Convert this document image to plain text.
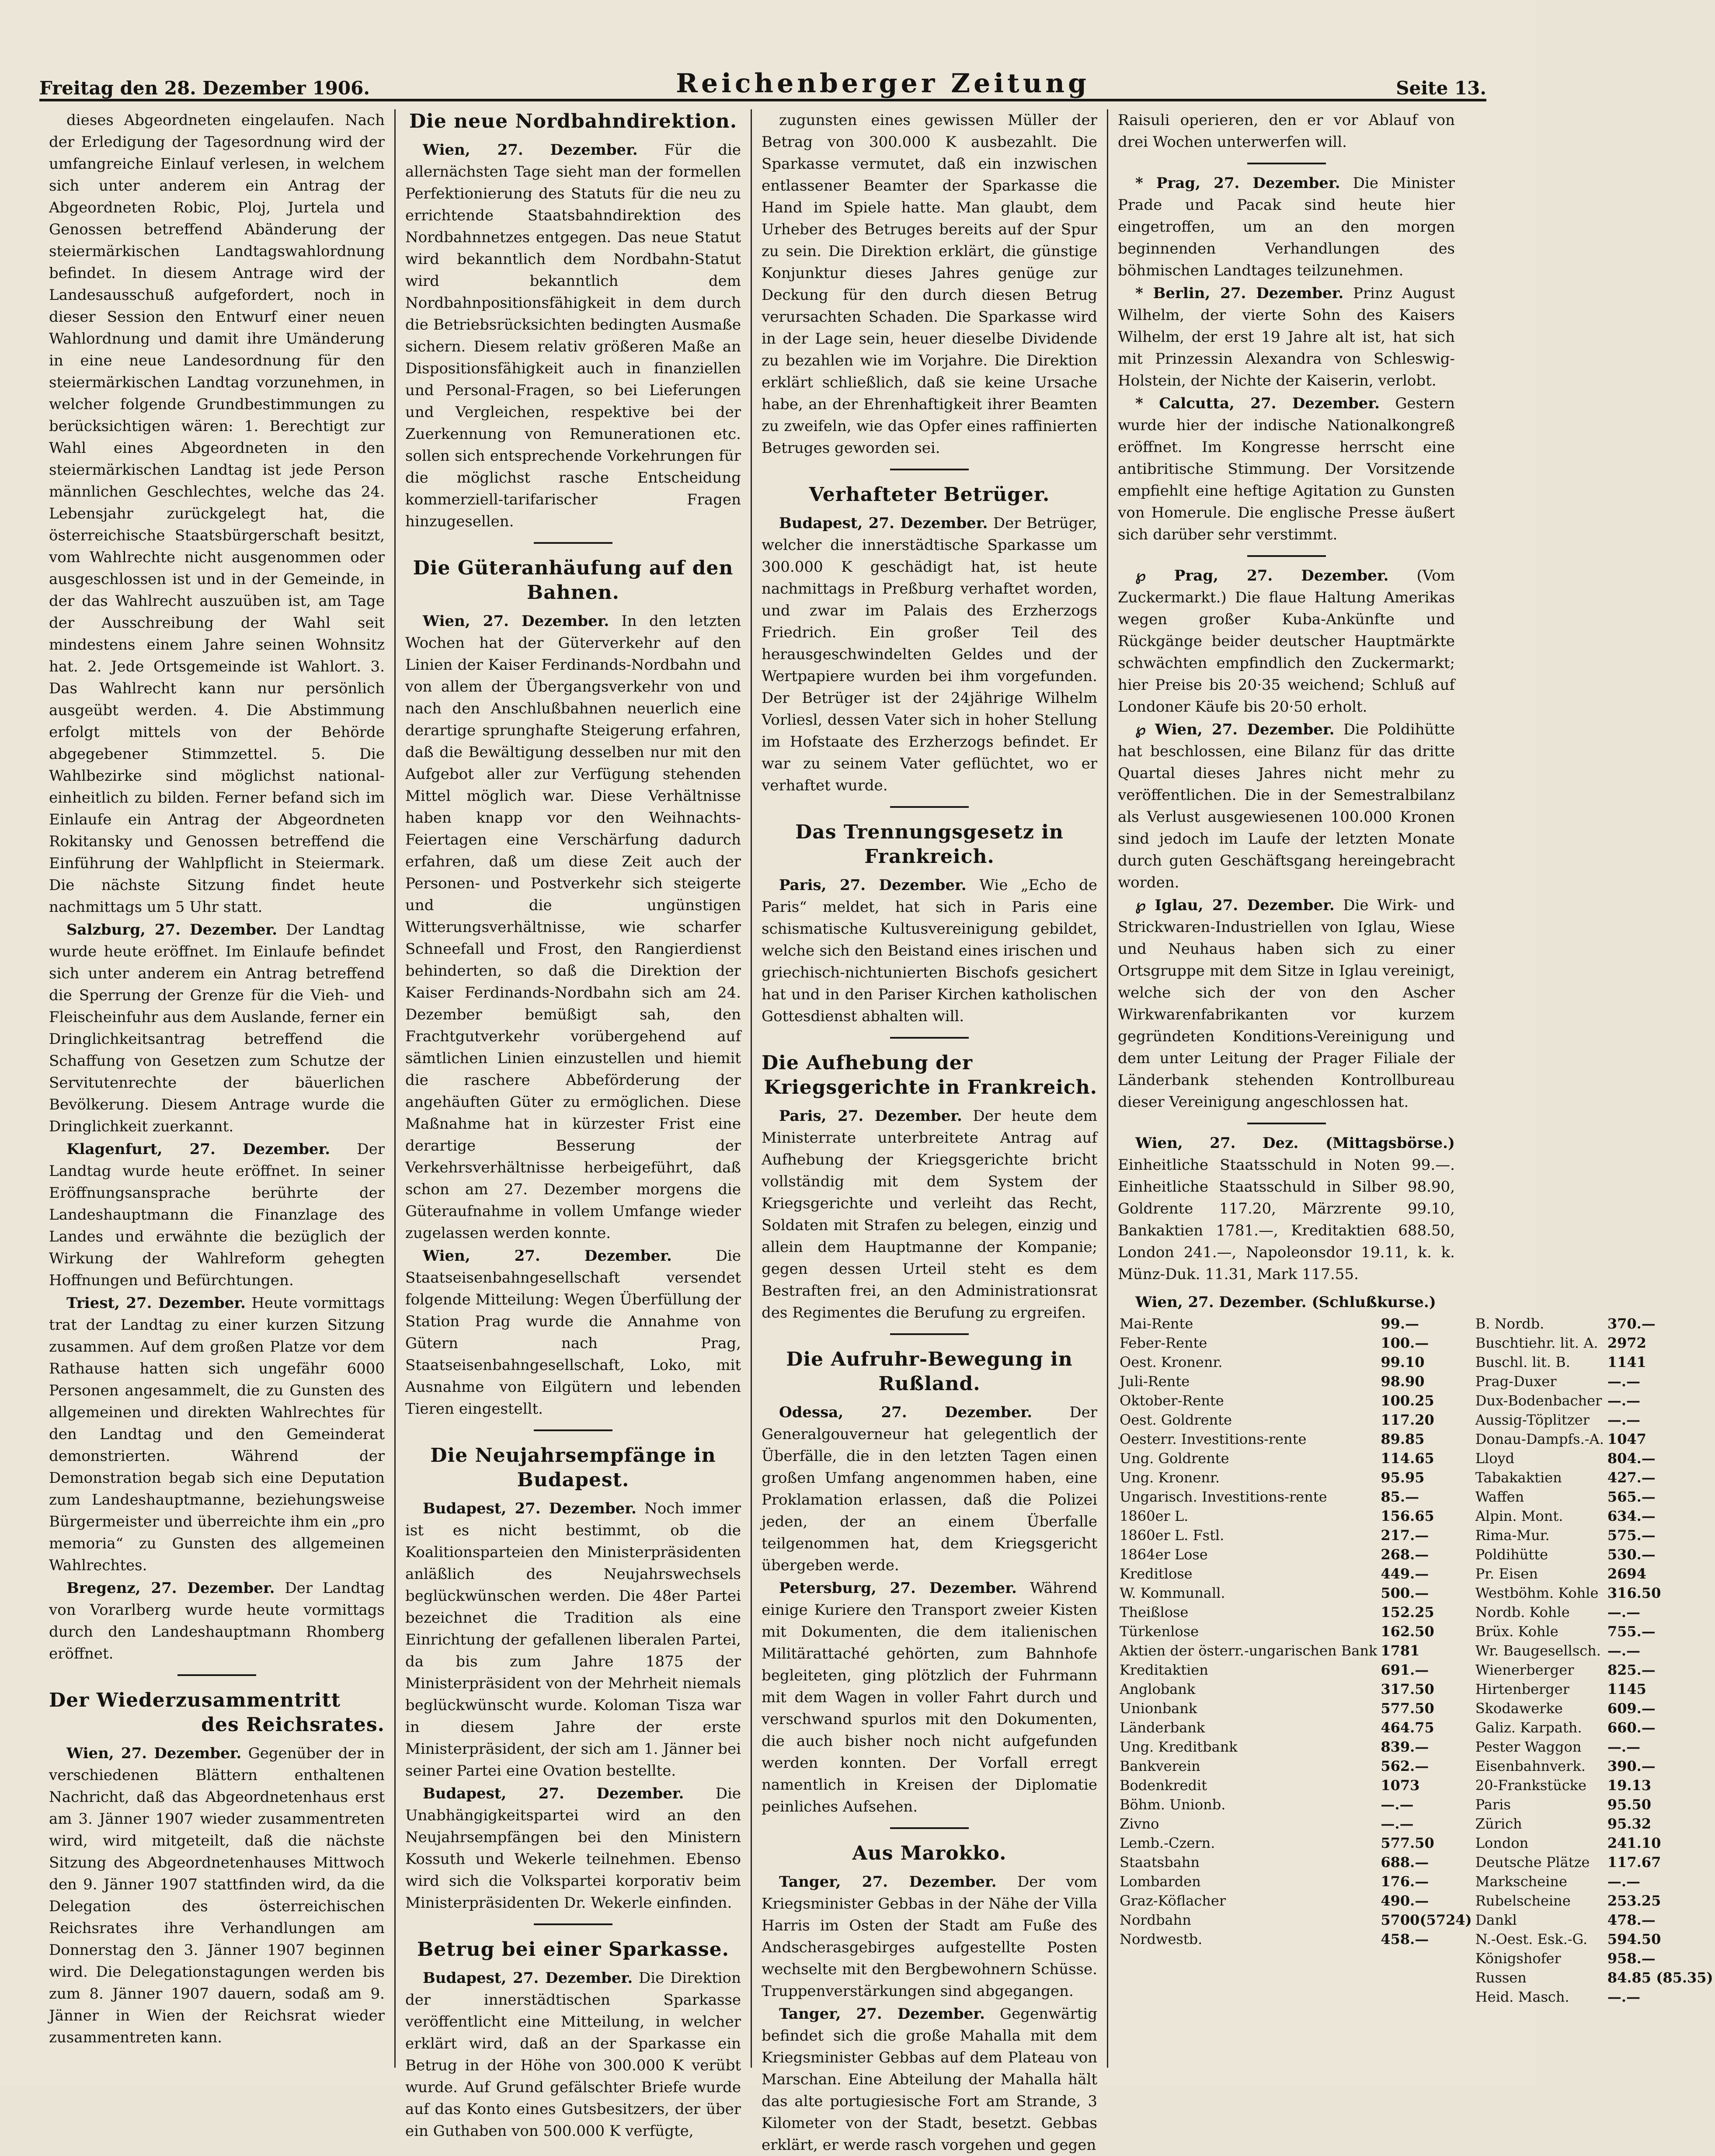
Freitag den 28. Dezember 1906.	Reichenberger Zeitung	Seite 13.

dieses Abgeordneten eingelaufen. Nach der Erledigung der Tagesordnung wird der umfangreiche Einlauf verlesen, in welchem sich unter anderem ein Antrag der Abgeordneten Robic, Ploj, Jurtela und Genossen betreffend Abänderung der steiermärkischen Landtagswahlordnung befindet. In diesem Antrage wird der Landesausschuß aufgefordert, noch in dieser Session den Entwurf einer neuen Wahlordnung und damit ihre Umänderung in eine neue Landesordnung für den steiermärkischen Landtag vorzunehmen, in welcher folgende Grundbestimmungen zu berücksichtigen wären: 1. Berechtigt zur Wahl eines Abgeordneten in den steiermärkischen Landtag ist jede Person männlichen Geschlechtes, welche das 24. Lebensjahr zurückgelegt hat, die österreichische Staatsbürgerschaft besitzt, vom Wahlrechte nicht ausgenommen oder ausgeschlossen ist und in der Gemeinde, in der das Wahlrecht auszuüben ist, am Tage der Ausschreibung der Wahl seit mindestens einem Jahre seinen Wohnsitz hat. 2. Jede Ortsgemeinde ist Wahlort. 3. Das Wahlrecht kann nur persönlich ausgeübt werden. 4. Die Abstimmung erfolgt mittels von der Behörde abgegebener Stimmzettel. 5. Die Wahlbezirke sind möglichst national-einheitlich zu bilden. Ferner befand sich im Einlaufe ein Antrag der Abgeordneten Rokitansky und Genossen betreffend die Einführung der Wahlpflicht in Steiermark. Die nächste Sitzung findet heute nachmittags um 5 Uhr statt.

Salzburg, 27. Dezember. Der Landtag wurde heute eröffnet. Im Einlaufe befindet sich unter anderem ein Antrag betreffend die Sperrung der Grenze für die Vieh- und Fleischeinfuhr aus dem Auslande, ferner ein Dringlichkeitsantrag betreffend die Schaffung von Gesetzen zum Schutze der Servitutenrechte der bäuerlichen Bevölkerung. Diesem Antrage wurde die Dringlichkeit zuerkannt.

Klagenfurt, 27. Dezember. Der Landtag wurde heute eröffnet. In seiner Eröffnungsansprache berührte der Landeshauptmann die Finanzlage des Landes und erwähnte die bezüglich der Wirkung der Wahlreform gehegten Hoffnungen und Befürchtungen.

Triest, 27. Dezember. Heute vormittags trat der Landtag zu einer kurzen Sitzung zusammen. Auf dem großen Platze vor dem Rathause hatten sich ungefähr 6000 Personen angesammelt, die zu Gunsten des allgemeinen und direkten Wahlrechtes für den Landtag und den Gemeinderat demonstrierten. Während der Demonstration begab sich eine Deputation zum Landeshauptmanne, beziehungsweise Bürgermeister und überreichte ihm ein „pro memoria“ zu Gunsten des allgemeinen Wahlrechtes.

Bregenz, 27. Dezember. Der Landtag von Vorarlberg wurde heute vormittags durch den Landeshauptmann Rhomberg eröffnet.

Der Wiederzusammentritt
des Reichsrates.

Wien, 27. Dezember. Gegenüber der in verschiedenen Blättern enthaltenen Nachricht, daß das Abgeordnetenhaus erst am 3. Jänner 1907 wieder zusammentreten wird, wird mitgeteilt, daß die nächste Sitzung des Abgeordnetenhauses Mittwoch den 9. Jänner 1907 stattfinden wird, da die Delegation des österreichischen Reichsrates ihre Verhandlungen am Donnerstag den 3. Jänner 1907 beginnen wird. Die Delegationstagungen werden bis zum 8. Jänner 1907 dauern, sodaß am 9. Jänner in Wien der Reichsrat wieder zusammentreten kann.

Die neue Nordbahndirektion.

Wien, 27. Dezember. Für die allernächsten Tage sieht man der formellen Perfektionierung des Statuts für die neu zu errichtende Staatsbahndirektion des Nordbahnnetzes entgegen. Das neue Statut wird bekanntlich dem Nordbahn-Statut wird bekanntlich dem Nordbahnpositionsfähigkeit in dem durch die Betriebsrücksichten bedingten Ausmaße sichern. Diesem relativ größeren Maße an Dispositionsfähigkeit auch in finanziellen und Personal-Fragen, so bei Lieferungen und Vergleichen, respektive bei der Zuerkennung von Remunerationen etc. sollen sich entsprechende Vorkehrungen für die möglichst rasche Entscheidung kommerziell-tarifarischer Fragen hinzugesellen.

Die Güteranhäufung auf den Bahnen.

Wien, 27. Dezember. In den letzten Wochen hat der Güterverkehr auf den Linien der Kaiser Ferdinands-Nordbahn und von allem der Übergangsverkehr von und nach den Anschlußbahnen neuerlich eine derartige sprunghafte Steigerung erfahren, daß die Bewältigung desselben nur mit den Aufgebot aller zur Verfügung stehenden Mittel möglich war. Diese Verhältnisse haben knapp vor den Weihnachts-Feiertagen eine Verschärfung dadurch erfahren, daß um diese Zeit auch der Personen- und Postverkehr sich steigerte und die ungünstigen Witterungsverhältnisse, wie scharfer Schneefall und Frost, den Rangierdienst behinderten, so daß die Direktion der Kaiser Ferdinands-Nordbahn sich am 24. Dezember bemüßigt sah, den Frachtgutverkehr vorübergehend auf sämtlichen Linien einzustellen und hiemit die raschere Abbeförderung der angehäuften Güter zu ermöglichen. Diese Maßnahme hat in kürzester Frist eine derartige Besserung der Verkehrsverhältnisse herbeigeführt, daß schon am 27. Dezember morgens die Güteraufnahme in vollem Umfange wieder zugelassen werden konnte.

Wien, 27. Dezember.	Die Staatseisenbahngesellschaft versendet folgende Mitteilung: Wegen Überfüllung der Station Prag wurde die Annahme von Gütern nach Prag, Staatseisenbahngesellschaft, Loko, mit Ausnahme von Eilgütern und lebenden Tieren eingestellt.

Die Neujahrsempfänge in Budapest.

Budapest, 27. Dezember. Noch immer ist es nicht bestimmt, ob die Koalitionsparteien den Ministerpräsidenten anläßlich des Neujahrswechsels beglückwünschen werden. Die 48er Partei bezeichnet die Tradition als eine Einrichtung der gefallenen liberalen Partei, da bis zum Jahre 1875 der Ministerpräsident von der Mehrheit niemals beglückwünscht wurde. Koloman Tisza war in diesem Jahre der erste Ministerpräsident, der sich am 1. Jänner bei seiner Partei eine Ovation bestellte.

Budapest, 27. Dezember. Die Unabhängigkeitspartei wird an den Neujahrsempfängen bei den Ministern Kossuth und Wekerle teilnehmen. Ebenso wird sich die Volkspartei korporativ beim Ministerpräsidenten Dr. Wekerle einfinden.

Betrug bei einer Sparkasse.

Budapest, 27. Dezember. Die Direktion der innerstädtischen Sparkasse veröffentlicht eine Mitteilung, in welcher erklärt wird, daß an der Sparkasse ein Betrug in der Höhe von 300.000 K verübt wurde. Auf Grund gefälschter Briefe wurde auf das Konto eines Gutsbesitzers, der über ein Guthaben von 500.000 K verfügte,

zugunsten eines gewissen Müller der Betrag von 300.000 K ausbezahlt. Die Sparkasse vermutet, daß ein inzwischen entlassener Beamter der Sparkasse die Hand im Spiele hatte. Man glaubt, dem Urheber des Betruges bereits auf der Spur zu sein. Die Direktion erklärt, die günstige Konjunktur dieses Jahres genüge zur Deckung für den durch diesen Betrug verursachten Schaden. Die Sparkasse wird in der Lage sein, heuer dieselbe Dividende zu bezahlen wie im Vorjahre. Die Direktion erklärt schließlich, daß sie keine Ursache habe, an der Ehrenhaftigkeit ihrer Beamten zu zweifeln, wie das Opfer eines raffinierten Betruges geworden sei.

Verhafteter Betrüger.

Budapest, 27. Dezember. Der Betrüger, welcher die innerstädtische Sparkasse um 300.000 K geschädigt hat, ist heute nachmittags in Preßburg verhaftet worden, und zwar im Palais des Erzherzogs Friedrich. Ein großer Teil des herausgeschwindelten Geldes und der Wertpapiere wurden bei ihm vorgefunden. Der Betrüger ist der 24jährige Wilhelm Vorliesl, dessen Vater sich in hoher Stellung im Hofstaate des Erzherzogs befindet. Er war zu seinem Vater geflüchtet, wo er verhaftet wurde.

Das Trennungsgesetz in Frankreich.

Paris, 27. Dezember. Wie „Echo de Paris“ meldet, hat sich in Paris eine schismatische Kultusvereinigung gebildet, welche sich den Beistand eines irischen und griechisch-nichtunierten Bischofs gesichert hat und in den Pariser Kirchen katholischen Gottesdienst abhalten will.

Die Aufhebung der
Kriegsgerichte in Frankreich.

Paris, 27. Dezember. Der heute dem Ministerrate unterbreitete Antrag auf Aufhebung der Kriegsgerichte bricht vollständig mit dem System der Kriegsgerichte und verleiht das Recht, Soldaten mit Strafen zu belegen, einzig und allein dem Hauptmanne der Kompanie; gegen dessen Urteil steht es dem Bestraften frei, an den Administrationsrat des Regimentes die Berufung zu ergreifen.

Die Aufruhr-Bewegung in Rußland.

Odessa, 27. Dezember.	Der Generalgouverneur hat gelegentlich der Überfälle, die in den letzten Tagen einen großen Umfang angenommen haben, eine Proklamation erlassen, daß die Polizei jeden, der an einem Überfalle teilgenommen hat, dem Kriegsgericht übergeben werde.

Petersburg, 27. Dezember. Während einige Kuriere den Transport zweier Kisten mit Dokumenten, die dem italienischen Militärattaché gehörten, zum Bahnhofe begleiteten, ging plötzlich der Fuhrmann mit dem Wagen in voller Fahrt durch und verschwand spurlos mit den Dokumenten, die auch bisher noch nicht aufgefunden werden konnten. Der Vorfall erregt namentlich in Kreisen der Diplomatie peinliches Aufsehen.

Aus Marokko.

Tanger, 27. Dezember. Der vom Kriegsminister Gebbas in der Nähe der Villa Harris im Osten der Stadt am Fuße des Andscherasgebirges aufgestellte Posten wechselte mit den Bergbewohnern Schüsse. Truppenverstärkungen sind abgegangen.

Tanger, 27. Dezember. Gegenwärtig befindet sich die große Mahalla mit dem Kriegsminister Gebbas auf dem Plateau von Marschan. Eine Abteilung der Mahalla hält das alte portugiesische Fort am Strande, 3 Kilometer von der Stadt, besetzt. Gebbas erklärt, er werde rasch vorgehen und gegen

Raisuli operieren, den er vor Ablauf von drei Wochen unterwerfen will.

* Prag, 27. Dezember. Die Minister Prade und Pacak sind heute hier eingetroffen, um an den morgen beginnenden Verhandlungen des böhmischen Landtages teilzunehmen.

* Berlin, 27. Dezember. Prinz August Wilhelm, der vierte Sohn des Kaisers Wilhelm, der erst 19 Jahre alt ist, hat sich mit Prinzessin Alexandra von Schleswig-Holstein, der Nichte der Kaiserin, verlobt.

* Calcutta, 27. Dezember. Gestern wurde hier der indische Nationalkongreß eröffnet. Im Kongresse herrscht eine antibritische Stimmung. Der Vorsitzende empfiehlt eine heftige Agitation zu Gunsten von Homerule. Die englische Presse äußert sich darüber sehr verstimmt.

℘ Prag, 27. Dezember. (Vom Zuckermarkt.) Die flaue Haltung Amerikas wegen großer Kuba-Ankünfte und Rückgänge beider deutscher Hauptmärkte schwächten empfindlich den Zuckermarkt; hier Preise bis 20·35 weichend; Schluß auf Londoner Käufe bis 20·50 erholt.

℘ Wien, 27. Dezember. Die Poldihütte hat beschlossen, eine Bilanz für das dritte Quartal dieses Jahres nicht mehr zu veröffentlichen. Die in der Semestralbilanz als Verlust ausgewiesenen 100.000 Kronen sind jedoch im Laufe der letzten Monate durch guten Geschäftsgang hereingebracht worden.

℘ Iglau, 27. Dezember. Die Wirk- und Strickwaren-Industriellen von Iglau, Wiese und Neuhaus haben sich zu einer Ortsgruppe mit dem Sitze in Iglau vereinigt, welche sich der von den Ascher Wirkwarenfabrikanten vor kurzem gegründeten Konditions-Vereinigung und dem unter Leitung der Prager Filiale der Länderbank stehenden Kontrollbureau dieser Vereinigung angeschlossen hat.

Wien, 27. Dez. (Mittagsbörse.) Einheitliche Staatsschuld in Noten 99.—. Einheitliche Staatsschuld in Silber 98.90, Goldrente 117.20, Märzrente 99.10, Bankaktien 1781.—, Kreditaktien 688.50, London 241.—, Napoleonsdor 19.11, k. k. Münz-Duk. 11.31, Mark 117.55.

Wien, 27. Dezember. (Schlußkurse.)

Mai-Rente	99.—	B. Nordb.	370.—
Feber-Rente	100.—	Buschtiehr. lit. A.	2972
Oest. Kronenr.	99.10	Buschl. lit. B.	1141
Juli-Rente	98.90	Prag-Duxer	—.—
Oktober-Rente	100.25	Dux-Bodenbacher	—.—
Oest. Goldrente	117.20	Aussig-Töplitzer	—.—
Oesterr. Investitions-rente	89.85	Donau-Dampfs.-A.	1047
Ung. Goldrente	114.65	Lloyd	804.—
Ung. Kronenr.	95.95	Tabakaktien	427.—
Ungarisch. Investitions-rente	85.—	Waffen	565.—
1860er L.	156.65	Alpin. Mont.	634.—
1860er L. Fstl.	217.—	Rima-Mur.	575.—
1864er Lose	268.—	Poldihütte	530.—
Kreditlose	449.—	Pr. Eisen	2694
W. Kommunall.	500.—	Westböhm. Kohle	316.50
Theißlose	152.25	Nordb. Kohle	—.—
Türkenlose	162.50	Brüx. Kohle	755.—
Aktien der österr.-ungarischen Bank	1781	Wr. Baugesellsch.	—.—
Kreditaktien	691.—	Wienerberger	825.—
Anglobank	317.50	Hirtenberger	1145
Unionbank	577.50	Skodawerke	609.—
Länderbank	464.75	Galiz. Karpath.	660.—
Ung. Kreditbank	839.—	Pester Waggon	—.—
Bankverein	562.—	Eisenbahnverk.	390.—
Bodenkredit	1073	20-Frankstücke	19.13
Böhm. Unionb.	—.—	Paris	95.50
Zivno	—.—	Zürich	95.32
Lemb.-Czern.	577.50	London	241.10
Staatsbahn	688.—	Deutsche Plätze	117.67
Lombarden	176.—	Markscheine	—.—
Graz-Köflacher	490.—	Rubelscheine	253.25
Nordbahn	5700(5724)	Dankl	478.—
Nordwestb.	458.—	N.-Oest. Esk.-G.	594.50
		Königshofer	958.—
		Russen	84.85 (85.35)
		Heid. Masch.	—.—
